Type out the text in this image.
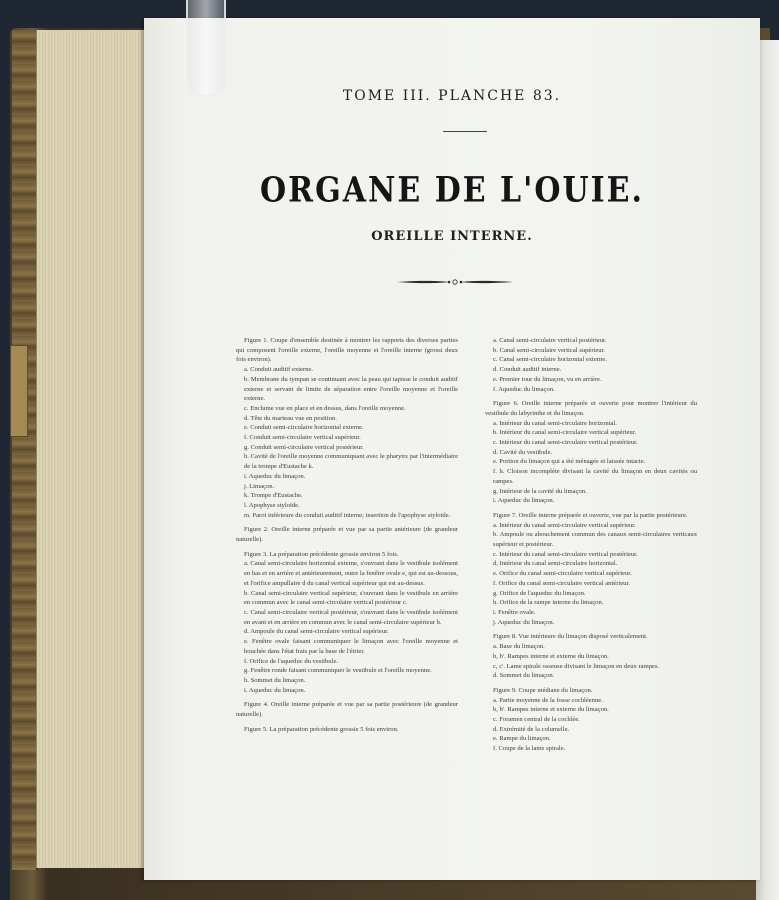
TOME III. PLANCHE 83.
ORGANE DE L'OUIE.
OREILLE INTERNE.

Figure 1. Coupe d'ensemble destinée à montrer les rapports des diverses parties qui composent l'oreille externe, l'oreille moyenne et l'oreille interne (grossi deux fois environ).

a. Conduit auditif externe.

b. Membrane du tympan se continuant avec la peau qui tapisse le conduit auditif externe et servant de limite de séparation entre l'oreille moyenne et l'oreille externe.

c. Enclume vue en place et en dessus, dans l'oreille moyenne.

d. Tête du marteau vue en position.

e. Conduit semi-circulaire horizontal externe.

f. Conduit semi-circulaire vertical supérieur.

g. Conduit semi-circulaire vertical postérieur.

h. Cavité de l'oreille moyenne communiquant avec le pharynx par l'intermédiaire de la trompe d'Eustache k.

i. Aqueduc du limaçon.

j. Limaçon.

k. Trompe d'Eustache.

l. Apophyse styloïde.

m. Paroi inférieure du conduit auditif interne; insertion de l'apophyse styloïde.

Figure 2. Oreille interne préparée et vue par sa partie antérieure (de grandeur naturelle).

Figure 3. La préparation précédente grossie environ 5 fois.

a. Canal semi-circulaire horizontal externe, s'ouvrant dans le vestibule isolément en bas et en arrière et antérieurement, outre la fenêtre ovale e, qui est au-dessous, et l'orifice ampullaire d du canal vertical supérieur qui est au-dessus.

b. Canal semi-circulaire vertical supérieur, s'ouvrant dans le vestibule en arrière en commun avec le canal semi-circulaire vertical postérieur c.

c. Canal semi-circulaire vertical postérieur, s'ouvrant dans le vestibule isolément en avant et en arrière en commun avec le canal semi-circulaire supérieur b.

d. Ampoule du canal semi-circulaire vertical supérieur.

e. Fenêtre ovale faisant communiquer le limaçon avec l'oreille moyenne et bouchée dans l'état frais par la base de l'étrier.

f. Orifice de l'aqueduc du vestibule.

g. Fenêtre ronde faisant communiquer le vestibule et l'oreille moyenne.

h. Sommet du limaçon.

i. Aqueduc du limaçon.

Figure 4. Oreille interne préparée et vue par sa partie postérieure (de grandeur naturelle).

Figure 5. La préparation précédente grossie 5 fois environ.

a. Canal semi-circulaire vertical postérieur.

b. Canal semi-circulaire vertical supérieur.

c. Canal semi-circulaire horizontal externe.

d. Conduit auditif interne.

e. Premier tour du limaçon, vu en arrière.

f. Aqueduc du limaçon.

Figure 6. Oreille interne préparée et ouverte pour montrer l'intérieur du vestibule du labyrinthe et du limaçon.

a. Intérieur du canal semi-circulaire horizontal.

b. Intérieur du canal semi-circulaire vertical supérieur.

c. Intérieur du canal semi-circulaire vertical postérieur.

d. Cavité du vestibule.

e. Portion du limaçon qui a été ménagée et laissée intacte.

f. h. Cloison incomplète divisant la cavité du limaçon en deux cavités ou rampes.

g. Intérieur de la cavité du limaçon.

i. Aqueduc du limaçon.

Figure 7. Oreille interne préparée et ouverte, vue par la partie postérieure.

a. Intérieur du canal semi-circulaire vertical supérieur.

b. Ampoule ou abouchement commun des canaux semi-circulaires verticaux supérieur et postérieur.

c. Intérieur du canal semi-circulaire vertical postérieur.

d. Intérieur du canal semi-circulaire horizontal.

e. Orifice du canal semi-circulaire vertical supérieur.

f. Orifice du canal semi-circulaire vertical antérieur.

g. Orifice de l'aqueduc du limaçon.

h. Orifice de la rampe interne du limaçon.

i. Fenêtre ovale.

j. Aqueduc du limaçon.

Figure 8. Vue intérieure du limaçon disposé verticalement.

a. Base du limaçon.

b, b'. Rampes interne et externe du limaçon.

c, c'. Lame spirale osseuse divisant le limaçon en deux rampes.

d. Sommet du limaçon.

Figure 9. Coupe médiane du limaçon.

a. Partie moyenne de la fosse cochléenne.

b, b'. Rampes interne et externe du limaçon.

c. Foramen central de la cochlée.

d. Extrémité de la columelle.

e. Rampe du limaçon.

f. Coupe de la lame spirale.
